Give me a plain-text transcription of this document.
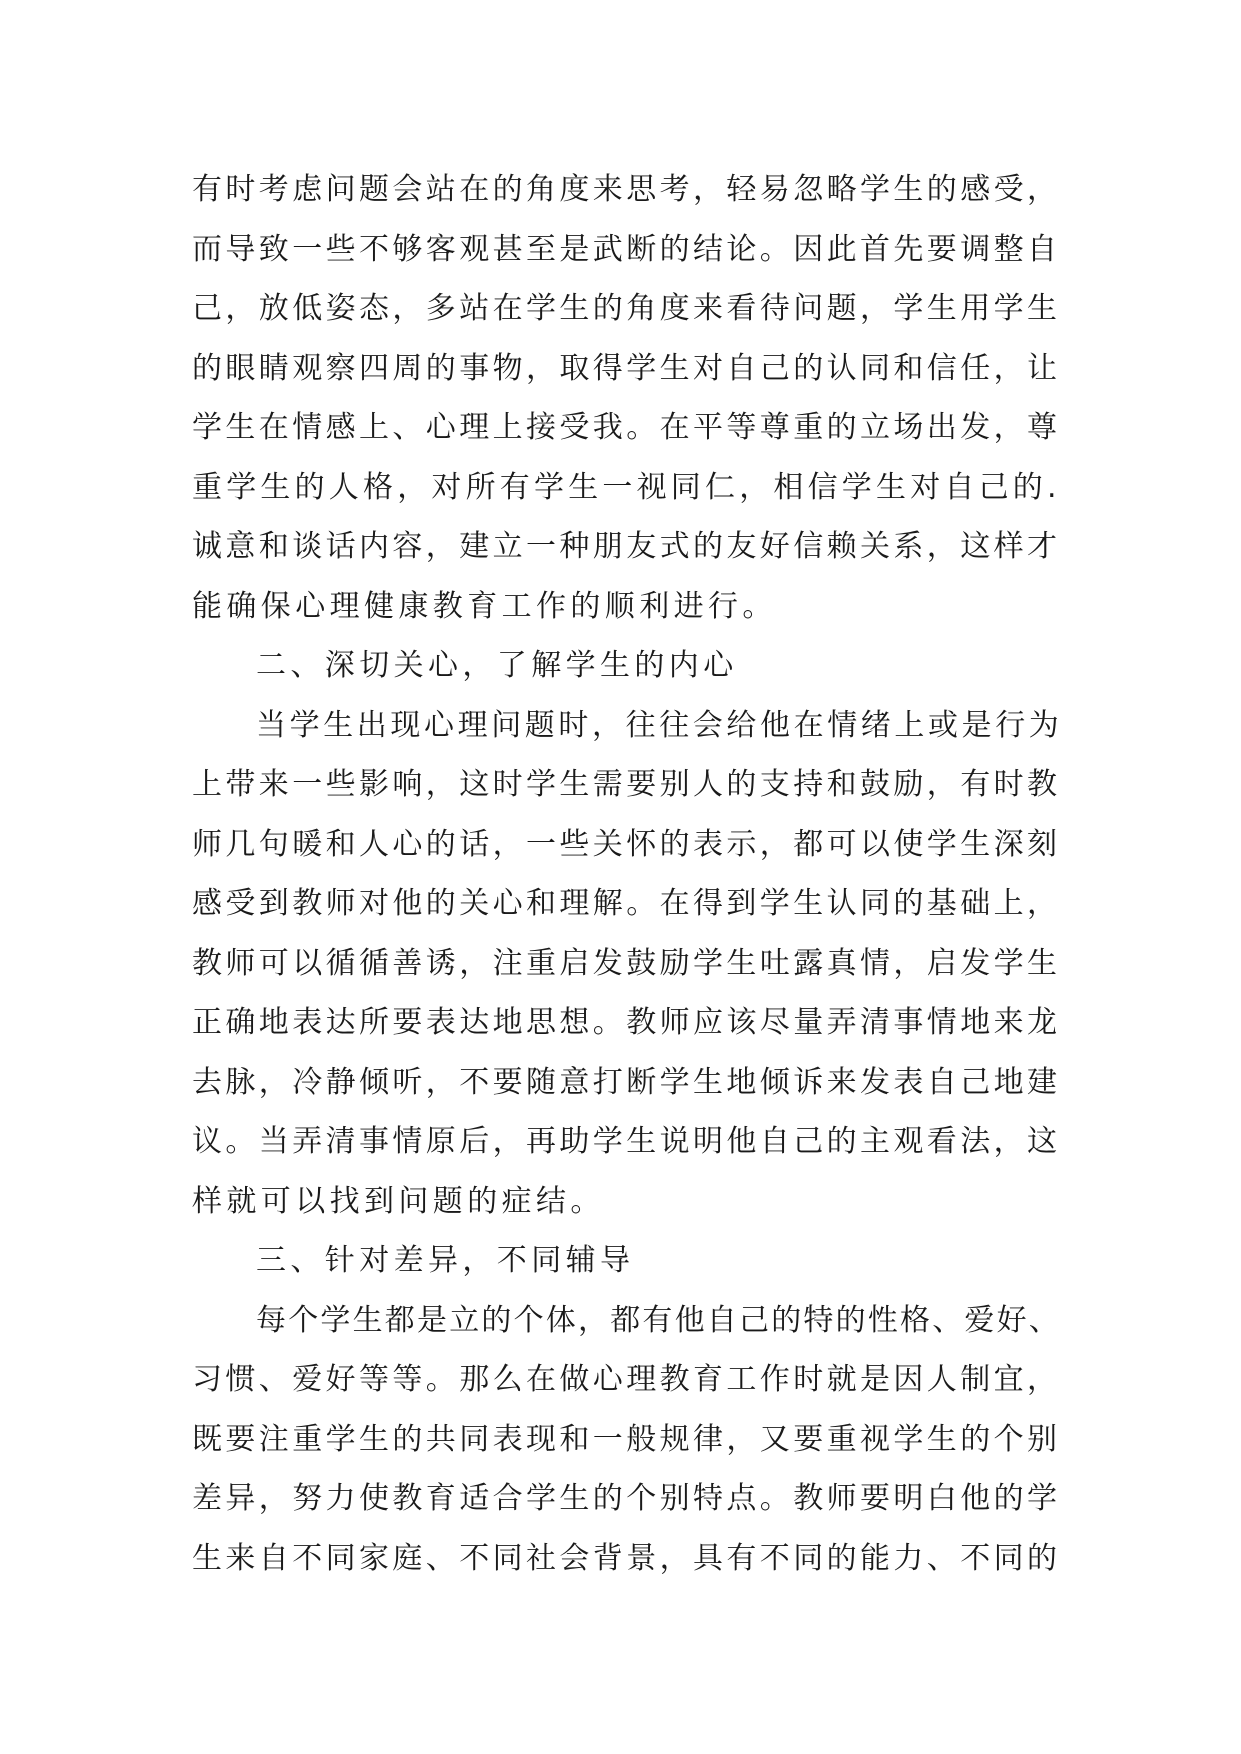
有时考虑问题会站在的角度来思考，轻易忽略学生的感受，
而导致一些不够客观甚至是武断的结论。因此首先要调整自
己，放低姿态，多站在学生的角度来看待问题，学生用学生
的眼睛观察四周的事物，取得学生对自己的认同和信任，让
学生在情感上、心理上接受我。在平等尊重的立场出发，尊
重学生的人格，对所有学生一视同仁，相信学生对自己的.
诚意和谈话内容，建立一种朋友式的友好信赖关系，这样才
能确保心理健康教育工作的顺利进行。
二、深切关心，了解学生的内心
当学生出现心理问题时，往往会给他在情绪上或是行为
上带来一些影响，这时学生需要别人的支持和鼓励，有时教
师几句暖和人心的话，一些关怀的表示，都可以使学生深刻
感受到教师对他的关心和理解。在得到学生认同的基础上，
教师可以循循善诱，注重启发鼓励学生吐露真情，启发学生
正确地表达所要表达地思想。教师应该尽量弄清事情地来龙
去脉，冷静倾听，不要随意打断学生地倾诉来发表自己地建
议。当弄清事情原后，再助学生说明他自己的主观看法，这
样就可以找到问题的症结。
三、针对差异，不同辅导
每个学生都是立的个体，都有他自己的特的性格、爱好、
习惯、爱好等等。那么在做心理教育工作时就是因人制宜，
既要注重学生的共同表现和一般规律，又要重视学生的个别
差异，努力使教育适合学生的个别特点。教师要明白他的学
生来自不同家庭、不同社会背景，具有不同的能力、不同的
